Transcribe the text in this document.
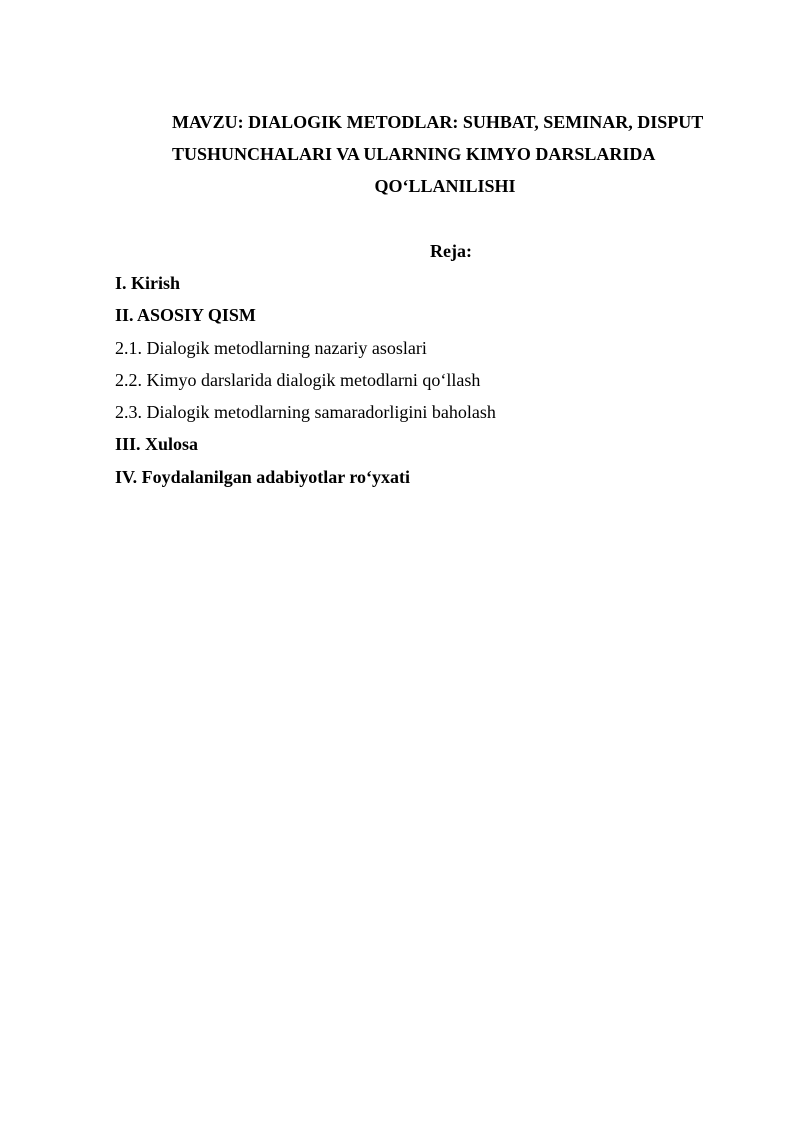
MAVZU: DIALOGIK METODLAR: SUHBAT, SEMINAR, DISPUT
TUSHUNCHALARI VA ULARNING KIMYO DARSLARIDA
QO‘LLANILISHI
Reja:
I. Kirish
II. ASOSIY QISM
2.1. Dialogik metodlarning nazariy asoslari
2.2. Kimyo darslarida dialogik metodlarni qo‘llash
2.3. Dialogik metodlarning samaradorligini baholash
III. Xulosa
IV. Foydalanilgan adabiyotlar ro‘yxati
